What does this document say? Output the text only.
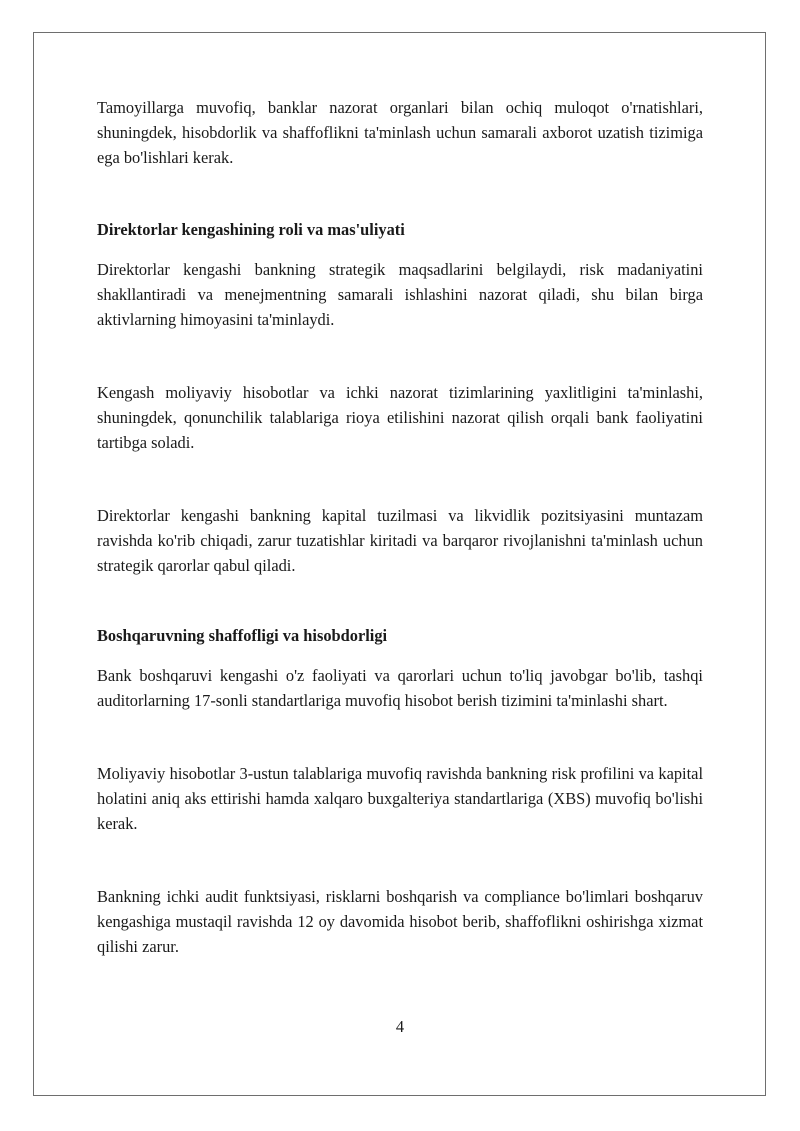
Tamoyillarga muvofiq, banklar nazorat organlari bilan ochiq muloqot o'rnatishlari, shuningdek, hisobdorlik va shaffoflikni ta'minlash uchun samarali axborot uzatish tizimiga ega bo'lishlari kerak.

Direktorlar kengashining roli va mas'uliyati

Direktorlar kengashi bankning strategik maqsadlarini belgilaydi, risk madaniyatini shakllantiradi va menejmentning samarali ishlashini nazorat qiladi, shu bilan birga aktivlarning himoyasini ta'minlaydi.

Kengash moliyaviy hisobotlar va ichki nazorat tizimlarining yaxlitligini ta'minlashi, shuningdek, qonunchilik talablariga rioya etilishini nazorat qilish orqali bank faoliyatini tartibga soladi.

Direktorlar kengashi bankning kapital tuzilmasi va likvidlik pozitsiyasini muntazam ravishda ko'rib chiqadi, zarur tuzatishlar kiritadi va barqaror rivojlanishni ta'minlash uchun strategik qarorlar qabul qiladi.

Boshqaruvning shaffofligi va hisobdorligi

Bank boshqaruvi kengashi o'z faoliyati va qarorlari uchun to'liq javobgar bo'lib, tashqi auditorlarning 17-sonli standartlariga muvofiq hisobot berish tizimini ta'minlashi shart.

Moliyaviy hisobotlar 3-ustun talablariga muvofiq ravishda bankning risk profilini va kapital holatini aniq aks ettirishi hamda xalqaro buxgalteriya standartlariga (XBS) muvofiq bo'lishi kerak.

Bankning ichki audit funktsiyasi, risklarni boshqarish va compliance bo'limlari boshqaruv kengashiga mustaqil ravishda 12 oy davomida hisobot berib, shaffoflikni oshirishga xizmat qilishi zarur.

4
